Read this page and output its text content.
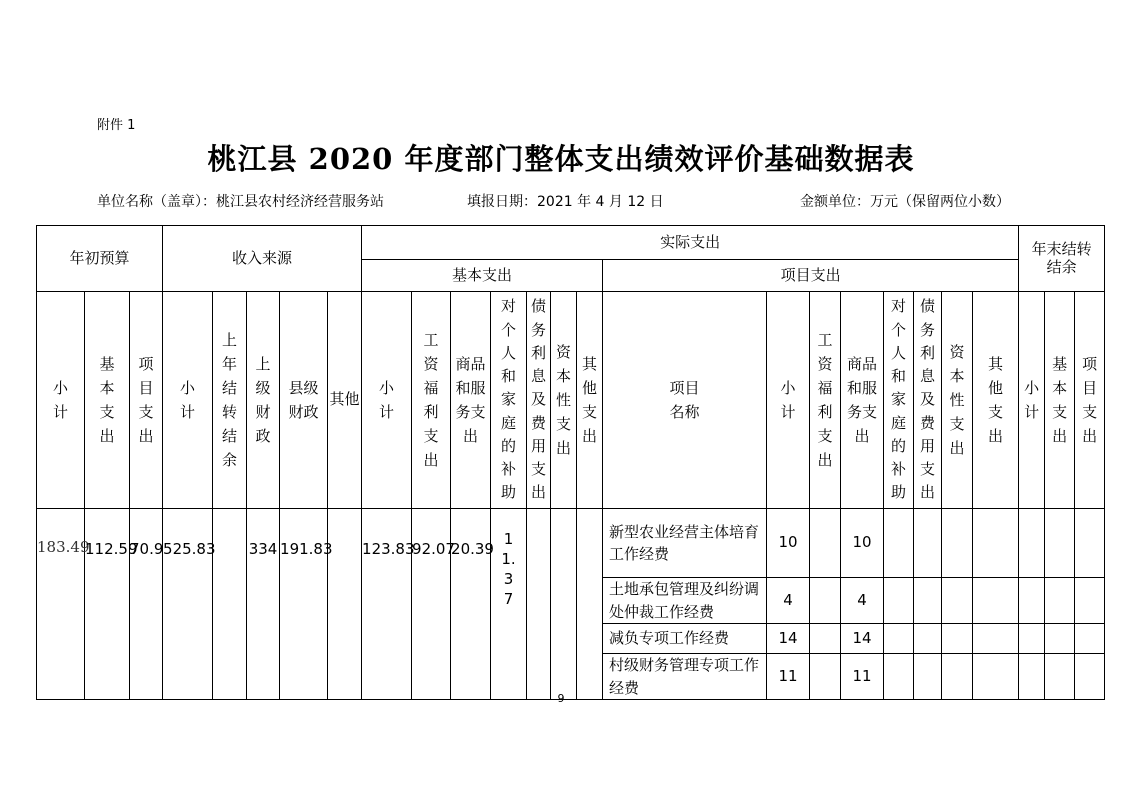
附件 1
桃江县 2020 年度部门整体支出绩效评价基础数据表
单位名称（盖章）：桃江县农村经济经营服务站	填报日期：2021 年 4 月 12 日	金额单位：万元（保留两位小数）
年初预算			收入来源					实际支出															年末结转结余		
								基本支出							项目支出										
小计	基本支出	项目支出	小计	上年结转结余	上级财政	县级财政	其他	小计	工资福利支出	商品和服务支出	对个人和家庭的补助	债务利息及费用支出	资本性支出	其他支出	项目名称	小计	工资福利支出	商品和服务支出	对个人和家庭的补助	债务利息及费用支出	资本性支出	其他支出	小计	基本支出	项目支出
183.49	112.59	70.9	525.83		334	191.83		123.83	92.07	20.39	11.37				新型农业经营主体培育工作经费	10		10							
															土地承包管理及纠纷调处仲裁工作经费	4		4							
															减负专项工作经费	14		14							
															村级财务管理专项工作经费	11		11							
9
